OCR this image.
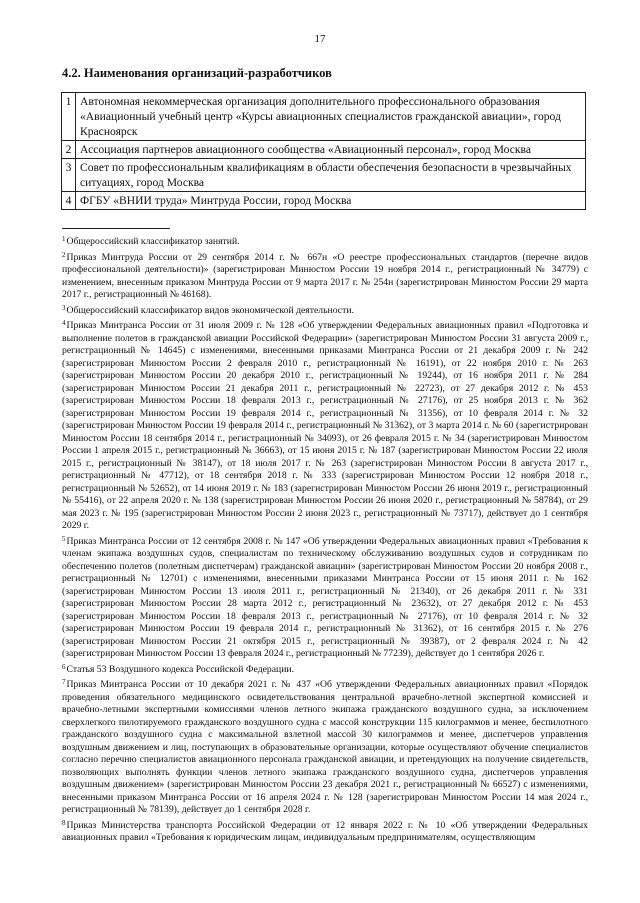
17
4.2. Наименования организаций-разработчиков
1	Автономная некоммерческая организация дополнительного профессионального образования «Авиационный учебный центр «Курсы авиационных специалистов гражданской авиации», город Красноярск
2	Ассоциация партнеров авиационного сообщества «Авиационный персонал», город Москва
3	Совет по профессиональным квалификациям в области обеспечения безопасности в чрезвычайных ситуациях, город Москва
4	ФГБУ «ВНИИ труда» Минтруда России, город Москва

$^1$Общероссийский классификатор занятий.

$^2$Приказ Минтруда России от 29 сентября 2014 г. № 667н «О реестре профессиональных стандартов (перечне видов профессиональной деятельности)» (зарегистрирован Минюстом России 19 ноября 2014 г., регистрационный № 34779) с изменением, внесенным приказом Минтруда России от 9 марта 2017 г. № 254н (зарегистрирован Минюстом России 29 марта 2017 г., регистрационный № 46168).

$^3$Общероссийский классификатор видов экономической деятельности.

$^4$Приказ Минтранса России от 31 июля 2009 г. № 128 «Об утверждении Федеральных авиационных правил «Подготовка и выполнение полетов в гражданской авиации Российской Федерации» (зарегистрирован Минюстом России 31 августа 2009 г., регистрационный № 14645) с изменениями, внесенными приказами Минтранса России от 21 декабря 2009 г. № 242 (зарегистрирован Минюстом России 2 февраля 2010 г., регистрационный № 16191), от 22 ноября 2010 г. № 263 (зарегистрирован Минюстом России 20 декабря 2010 г., регистрационный № 19244), от 16 ноября 2011 г. № 284 (зарегистрирован Минюстом России 21 декабря 2011 г., регистрационный № 22723), от 27 декабря 2012 г. № 453 (зарегистрирован Минюстом России 18 февраля 2013 г., регистрационный № 27176), от 25 ноября 2013 г. № 362 (зарегистрирован Минюстом России 19 февраля 2014 г., регистрационный № 31356), от 10 февраля 2014 г. № 32 (зарегистрирован Минюстом России 19 февраля 2014 г., регистрационный № 31362), от 3 марта 2014 г. № 60 (зарегистрирован Минюстом России 18 сентября 2014 г., регистрационный № 34093), от 26 февраля 2015 г. № 34 (зарегистрирован Минюстом России 1 апреля 2015 г., регистрационный № 36663), от 15 июня 2015 г. № 187 (зарегистрирован Минюстом России 22 июля 2015 г., регистрационный № 38147), от 18 июля 2017 г. № 263 (зарегистрирован Минюстом России 8 августа 2017 г., регистрационный № 47712), от 18 сентября 2018 г. № 333 (зарегистрирован Минюстом России 12 ноября 2018 г., регистрационный № 52652), от 14 июня 2019 г. № 183 (зарегистрирован Минюстом России 26 июня 2019 г., регистрационный № 55416), от 22 апреля 2020 г. № 138 (зарегистрирован Минюстом России 26 июня 2020 г., регистрационный № 58784), от 29 мая 2023 г. № 195 (зарегистрирован Минюстом России 2 июня 2023 г., регистрационный № 73717), действует до 1 сентября 2029 г.

$^5$Приказ Минтранса России от 12 сентября 2008 г. № 147 «Об утверждении Федеральных авиационных правил «Требования к членам экипажа воздушных судов, специалистам по техническому обслуживанию воздушных судов и сотрудникам по обеспечению полетов (полетным диспетчерам) гражданской авиации» (зарегистрирован Минюстом России 20 ноября 2008 г., регистрационный № 12701) с изменениями, внесенными приказами Минтранса России от 15 июня 2011 г. № 162 (зарегистрирован Минюстом России 13 июля 2011 г., регистрационный № 21340), от 26 декабря 2011 г. № 331 (зарегистрирован Минюстом России 28 марта 2012 г., регистрационный № 23632), от 27 декабря 2012 г. № 453 (зарегистрирован Минюстом России 18 февраля 2013 г., регистрационный № 27176), от 10 февраля 2014 г. № 32 (зарегистрирован Минюстом России 19 февраля 2014 г., регистрационный № 31362), от 16 сентября 2015 г. № 276 (зарегистрирован Минюстом России 21 октября 2015 г., регистрационный № 39387), от 2 февраля 2024 г. № 42 (зарегистрирован Минюстом России 13 февраля 2024 г., регистрационный № 77239), действует до 1 сентября 2026 г.

$^6$Статья 53 Воздушного кодекса Российской Федерации.

$^7$Приказ Минтранса России от 10 декабря 2021 г. № 437 «Об утверждении Федеральных авиационных правил «Порядок проведения обязательного медицинского освидетельствования центральной врачебно-летной экспертной комиссией и врачебно-летными экспертными комиссиями членов летного экипажа гражданского воздушного судна, за исключением сверхлегкого пилотируемого гражданского воздушного судна с массой конструкции 115 килограммов и менее, беспилотного гражданского воздушного судна с максимальной взлетной массой 30 килограммов и менее, диспетчеров управления воздушным движением и лиц, поступающих в образовательные организации, которые осуществляют обучение специалистов согласно перечню специалистов авиационного персонала гражданской авиации, и претендующих на получение свидетельств, позволяющих выполнять функции членов летного экипажа гражданского воздушного судна, диспетчеров управления воздушным движением» (зарегистрирован Минюстом России 23 декабря 2021 г., регистрационный № 66527) с изменениями, внесенными приказом Минтранса России от 16 апреля 2024 г. № 128 (зарегистрирован Минюстом России 14 мая 2024 г., регистрационный № 78139), действует до 1 сентября 2028 г.

$^8$Приказ Министерства транспорта Российской Федерации от 12 января 2022 г. № 10 «Об утверждении Федеральных авиационных правил «Требования к юридическим лицам, индивидуальным предпринимателям, осуществляющим
